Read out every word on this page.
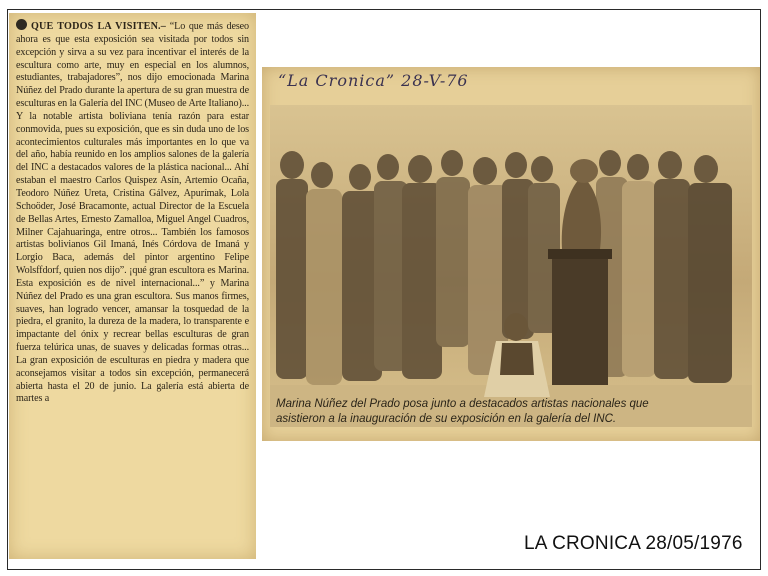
QUE TODOS LA VISITEN.– “Lo que más deseo ahora es que esta exposición sea visitada por todos sin excepción y sirva a su vez para incentivar el interés de la escultura como arte, muy en especial en los alumnos, estudiantes, trabajadores”, nos dijo emocionada Marina Núñez del Prado durante la apertura de su gran muestra de esculturas en la Galería del INC (Museo de Arte Italiano)... Y la notable artista boliviana tenía razón para estar conmovida, pues su exposición, que es sin duda uno de los acontecimientos culturales más importantes en lo que va del año, había reunido en los amplios salones de la galería del INC a destacados valores de la plástica nacional... Ahí estaban el maestro Carlos Quispez Asín, Artemio Ocaña, Teodoro Núñez Ureta, Cristina Gálvez, Apurímak, Lola Schoöder, José Bracamonte, actual Director de la Escuela de Bellas Artes, Ernesto Zamalloa, Miguel Angel Cuadros, Milner Cajahuaringa, entre otros... También los famosos artistas bolivianos Gil Imaná, Inés Córdova de Imaná y Lorgio Baca, además del pintor argentino Felipe Wolsffdorf, quien nos dijo”. ¡qué gran escultora es Marina. Esta exposición es de nivel internacional...” y Marina Núñez del Prado es una gran escultora. Sus manos firmes, suaves, han logrado vencer, amansar la tosquedad de la piedra, el granito, la dureza de la madera, lo transparente e impactante del ónix y recrear bellas esculturas de gran fuerza telúrica unas, de suaves y delicadas formas otras... La gran exposición de esculturas en piedra y madera que aconsejamos visitar a todos sin excepción, permanecerá abierta hasta el 20 de junio. La galería está abierta de martes a
“La Cronica” 28-V-76
Marina Núñez del Prado posa junto a destacados artistas nacionales que
asistieron a la inauguración de su exposición en la galería del INC.
LA CRONICA 28/05/1976
